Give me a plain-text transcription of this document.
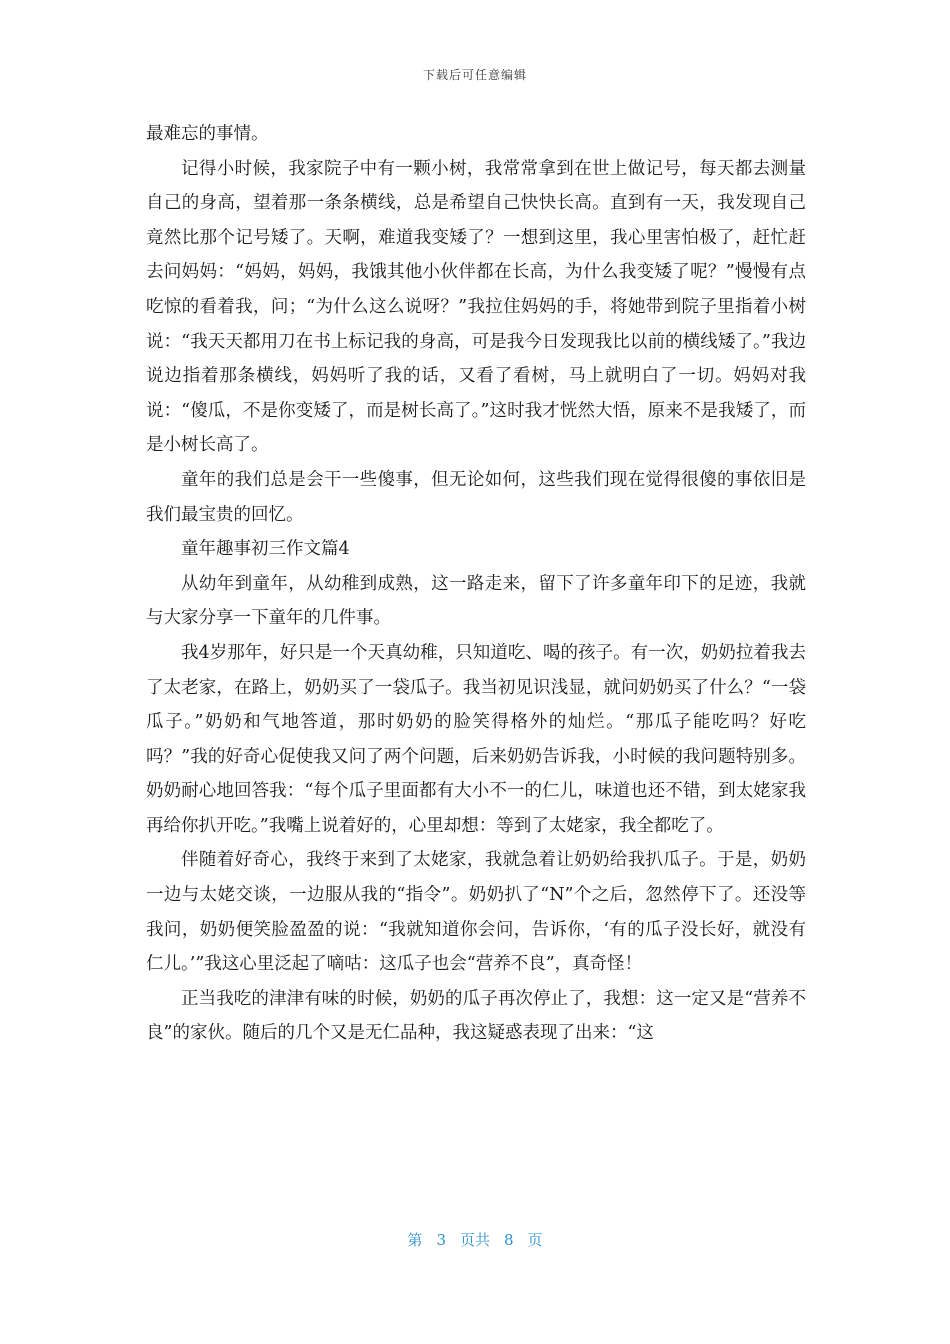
下载后可任意编辑

最难忘的事情。

记得小时候，我家院子中有一颗小树，我常常拿到在世上做记号，每天都去测量自己的身高，望着那一条条横线，总是希望自己快快长高。直到有一天，我发现自己竟然比那个记号矮了。天啊，难道我变矮了？一想到这里，我心里害怕极了，赶忙赶去问妈妈：“妈妈，妈妈，我饿其他小伙伴都在长高，为什么我变矮了呢？”慢慢有点吃惊的看着我，问；“为什么这么说呀？”我拉住妈妈的手，将她带到院子里指着小树说：“我天天都用刀在书上标记我的身高，可是我今日发现我比以前的横线矮了。”我边说边指着那条横线，妈妈听了我的话，又看了看树，马上就明白了一切。妈妈对我说：“傻瓜，不是你变矮了，而是树长高了。”这时我才恍然大悟，原来不是我矮了，而是小树长高了。

童年的我们总是会干一些傻事，但无论如何，这些我们现在觉得很傻的事依旧是我们最宝贵的回忆。

童年趣事初三作文篇4

从幼年到童年，从幼稚到成熟，这一路走来，留下了许多童年印下的足迹，我就与大家分享一下童年的几件事。

我4岁那年，好只是一个天真幼稚，只知道吃、喝的孩子。有一次，奶奶拉着我去了太老家，在路上，奶奶买了一袋瓜子。我当初见识浅显，就问奶奶买了什么？“一袋瓜子。”奶奶和气地答道，那时奶奶的脸笑得格外的灿烂。“那瓜子能吃吗？好吃吗？”我的好奇心促使我又问了两个问题，后来奶奶告诉我，小时候的我问题特别多。奶奶耐心地回答我：“每个瓜子里面都有大小不一的仁儿，味道也还不错，到太姥家我再给你扒开吃。”我嘴上说着好的，心里却想：等到了太姥家，我全都吃了。

伴随着好奇心，我终于来到了太姥家，我就急着让奶奶给我扒瓜子。于是，奶奶一边与太姥交谈，一边服从我的“指令”。奶奶扒了“N”个之后，忽然停下了。还没等我问，奶奶便笑脸盈盈的说：“我就知道你会问，告诉你，‘有的瓜子没长好，就没有仁儿。’”我这心里泛起了嘀咕：这瓜子也会“营养不良”，真奇怪！

正当我吃的津津有味的时候，奶奶的瓜子再次停止了，我想：这一定又是“营养不良”的家伙。随后的几个又是无仁品种，我这疑惑表现了出来：“这

第 3 页共 8 页
